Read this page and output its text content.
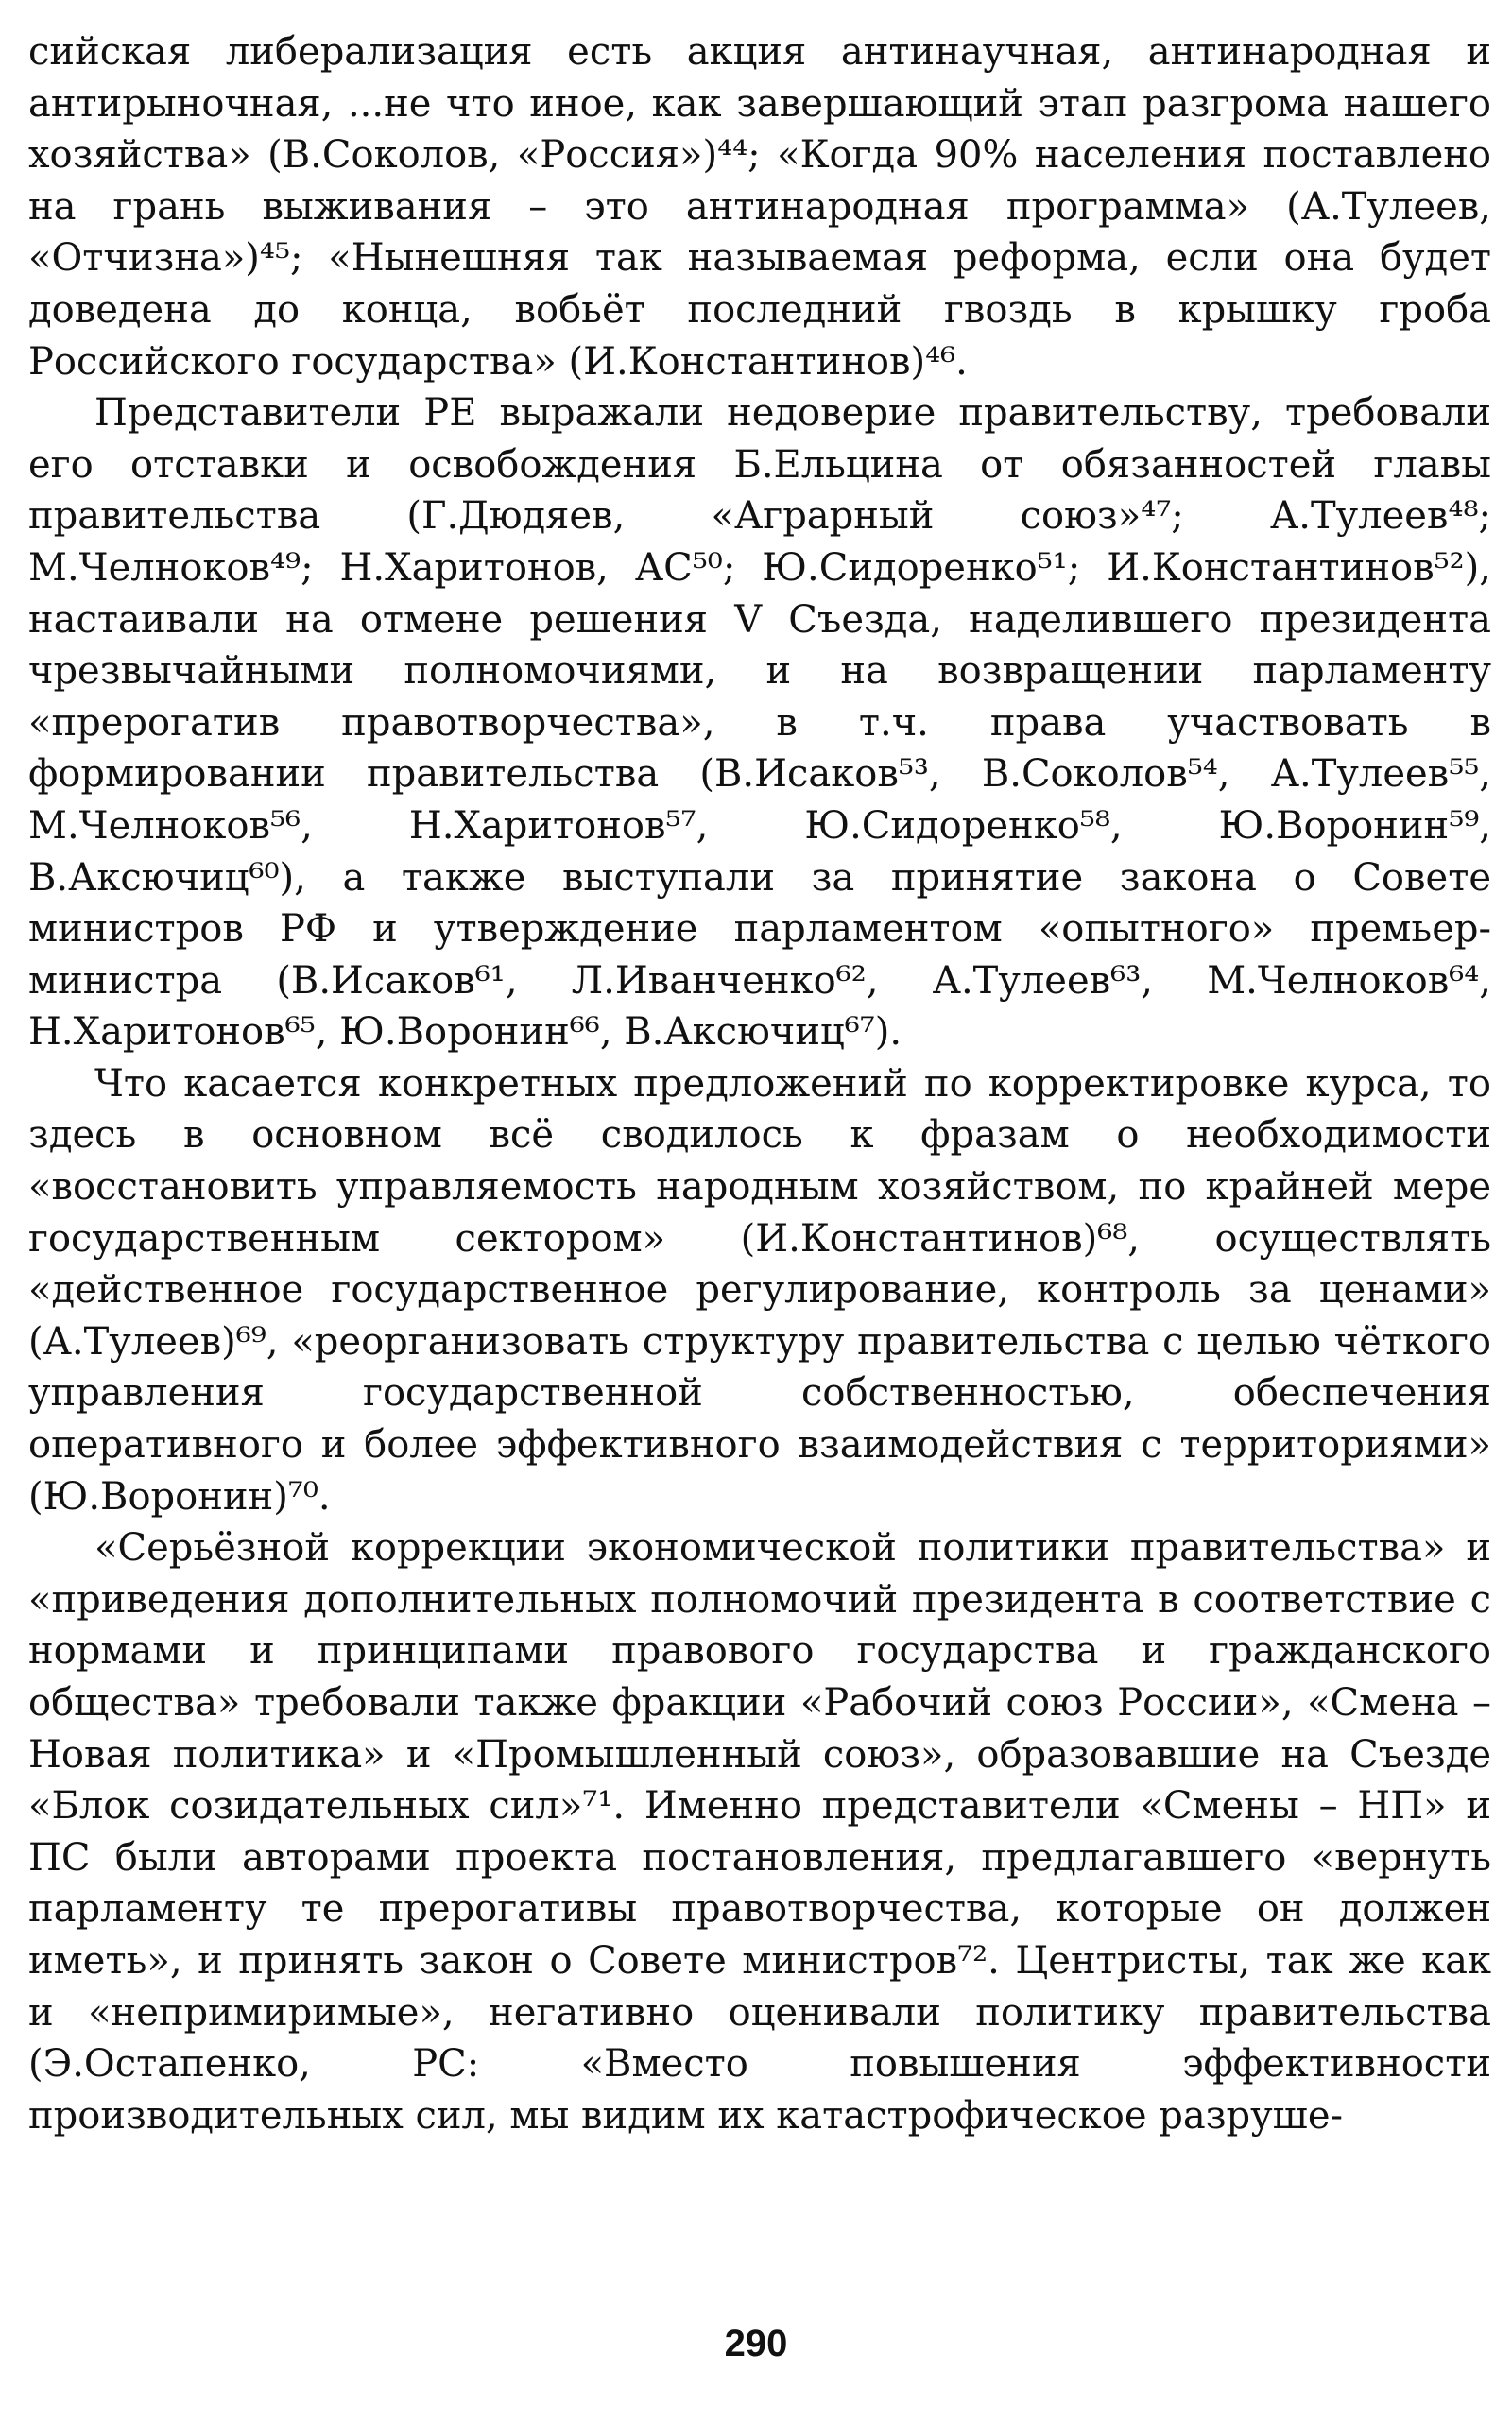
сийская либерализация есть акция антинаучная, антинародная и антирыночная, ...не что иное, как завершающий этап разгрома нашего хозяйства» (В.Соколов, «Россия»)⁴⁴; «Когда 90% населения поставлено на грань выживания – это антинародная программа» (А.Тулеев, «Отчизна»)⁴⁵; «Нынешняя так называемая реформа, если она будет доведена до конца, вобьёт последний гвоздь в крышку гроба Российского государства» (И.Константинов)⁴⁶.

Представители РЕ выражали недоверие правительству, требовали его отставки и освобождения Б.Ельцина от обязанностей главы правительства (Г.Дюдяев, «Аграрный союз»⁴⁷; А.Тулеев⁴⁸; М.Челноков⁴⁹; Н.Харитонов, АС⁵⁰; Ю.Сидоренко⁵¹; И.Константинов⁵²), настаивали на отмене решения V Съезда, наделившего президента чрезвычайными полномочиями, и на возвращении парламенту «прерогатив правотворчества», в т.ч. права участвовать в формировании правительства (В.Исаков⁵³, В.Соколов⁵⁴, А.Тулеев⁵⁵, М.Челноков⁵⁶, Н.Харитонов⁵⁷, Ю.Сидоренко⁵⁸, Ю.Воронин⁵⁹, В.Аксючиц⁶⁰), а также выступали за принятие закона о Совете министров РФ и утверждение парламентом «опытного» премьер-министра (В.Исаков⁶¹, Л.Иванченко⁶², А.Тулеев⁶³, М.Челноков⁶⁴, Н.Харитонов⁶⁵, Ю.Воронин⁶⁶, В.Аксючиц⁶⁷).

Что касается конкретных предложений по корректировке курса, то здесь в основном всё сводилось к фразам о необходимости «восстановить управляемость народным хозяйством, по крайней мере государственным сектором» (И.Константинов)⁶⁸, осуществлять «действенное государственное регулирование, контроль за ценами» (А.Тулеев)⁶⁹, «реорганизовать структуру правительства с целью чёткого управления государственной собственностью, обеспечения оперативного и более эффективного взаимодействия с территориями» (Ю.Воронин)⁷⁰.

«Серьёзной коррекции экономической политики правительства» и «приведения дополнительных полномочий президента в соответствие с нормами и принципами правового государства и гражданского общества» требовали также фракции «Рабочий союз России», «Смена – Новая политика» и «Промышленный союз», образовавшие на Съезде «Блок созидательных сил»⁷¹. Именно представители «Смены – НП» и ПС были авторами проекта постановления, предлагавшего «вернуть парламенту те прерогативы правотворчества, которые он должен иметь», и принять закон о Совете министров⁷². Центристы, так же как и «непримиримые», негативно оценивали политику правительства (Э.Остапенко, РС: «Вместо повышения эффективности производительных сил, мы видим их катастрофическое разруше-

290
